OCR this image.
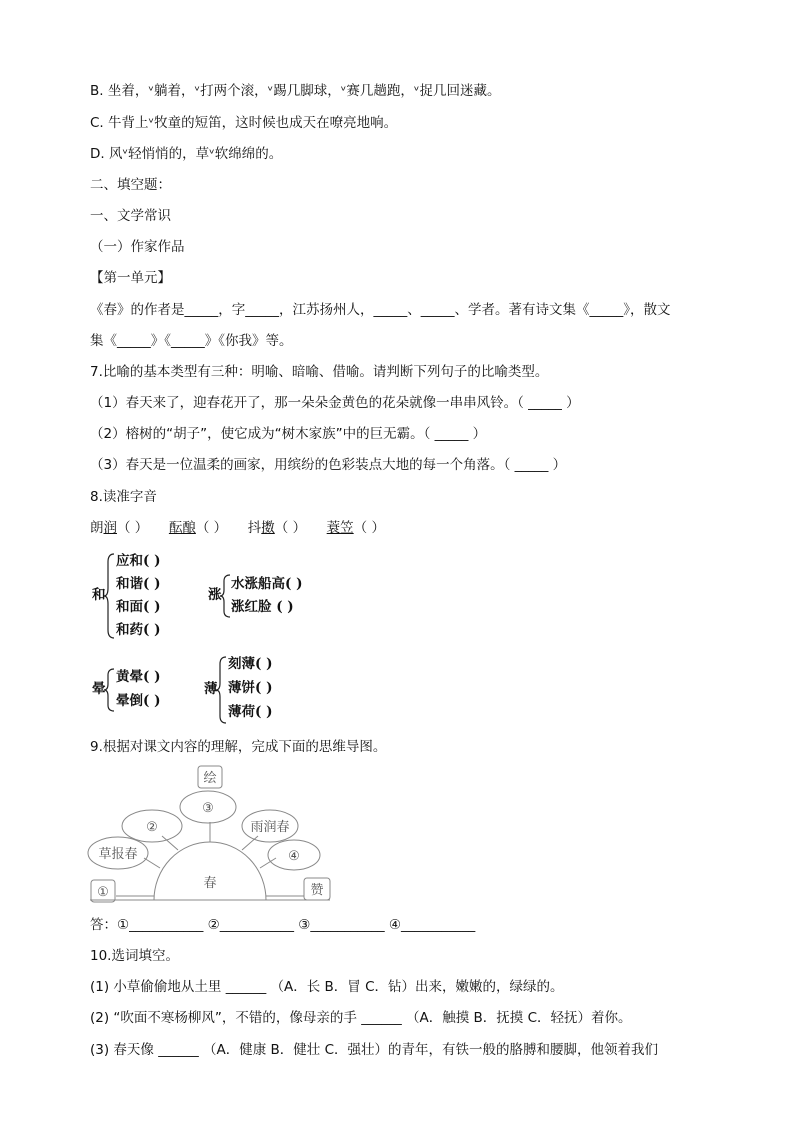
B. 坐着，ᵛ躺着，ᵛ打两个滚，ᵛ踢几脚球，ᵛ赛几趟跑，ᵛ捉几回迷藏。
C. 牛背上ᵛ牧童的短笛，这时候也成天在嘹亮地响。
D. 风ᵛ轻悄悄的，草ᵛ软绵绵的。
二、填空题：
一、文学常识
（一）作家作品
【第一单元】
《春》的作者是_____，字_____，江苏扬州人，_____、_____、学者。著有诗文集《_____》，散文
集《_____》《_____》《你我》等。
7.比喻的基本类型有三种：明喻、暗喻、借喻。请判断下列句子的比喻类型。
（1）春天来了，迎春花开了，那一朵朵金黄色的花朵就像一串串风铃。（ _____ ）
（2）榕树的“胡子”，使它成为“树木家族”中的巨无霸。（ _____ ）
（3）春天是一位温柔的画家，用缤纷的色彩装点大地的每一个角落。（ _____ ）
8.读准字音
朗润（ ） 酝酿（ ） 抖擞（ ） 蓑笠（ ）
和
应和( )
和谐( )
和面( )
和药( )
涨
水涨船高( )
涨红脸 ( )
晕
黄晕( )
晕倒( )
薄
刻薄( )
薄饼( )
薄荷( )
9.根据对课文内容的理解，完成下面的思维导图。
绘
③
②	雨润春
草报春	④
①	赞
春
答：①___________ ②___________ ③___________ ④___________
10.选词填空。
(1) 小草偷偷地从土里 ______ （A．长 B．冒 C．钻）出来，嫩嫩的，绿绿的。
(2) “吹面不寒杨柳风”，不错的，像母亲的手 ______ （A．触摸 B．抚摸 C．轻抚）着你。
(3) 春天像 ______ （A．健康 B．健壮 C．强壮）的青年，有铁一般的胳膊和腰脚，他领着我们
